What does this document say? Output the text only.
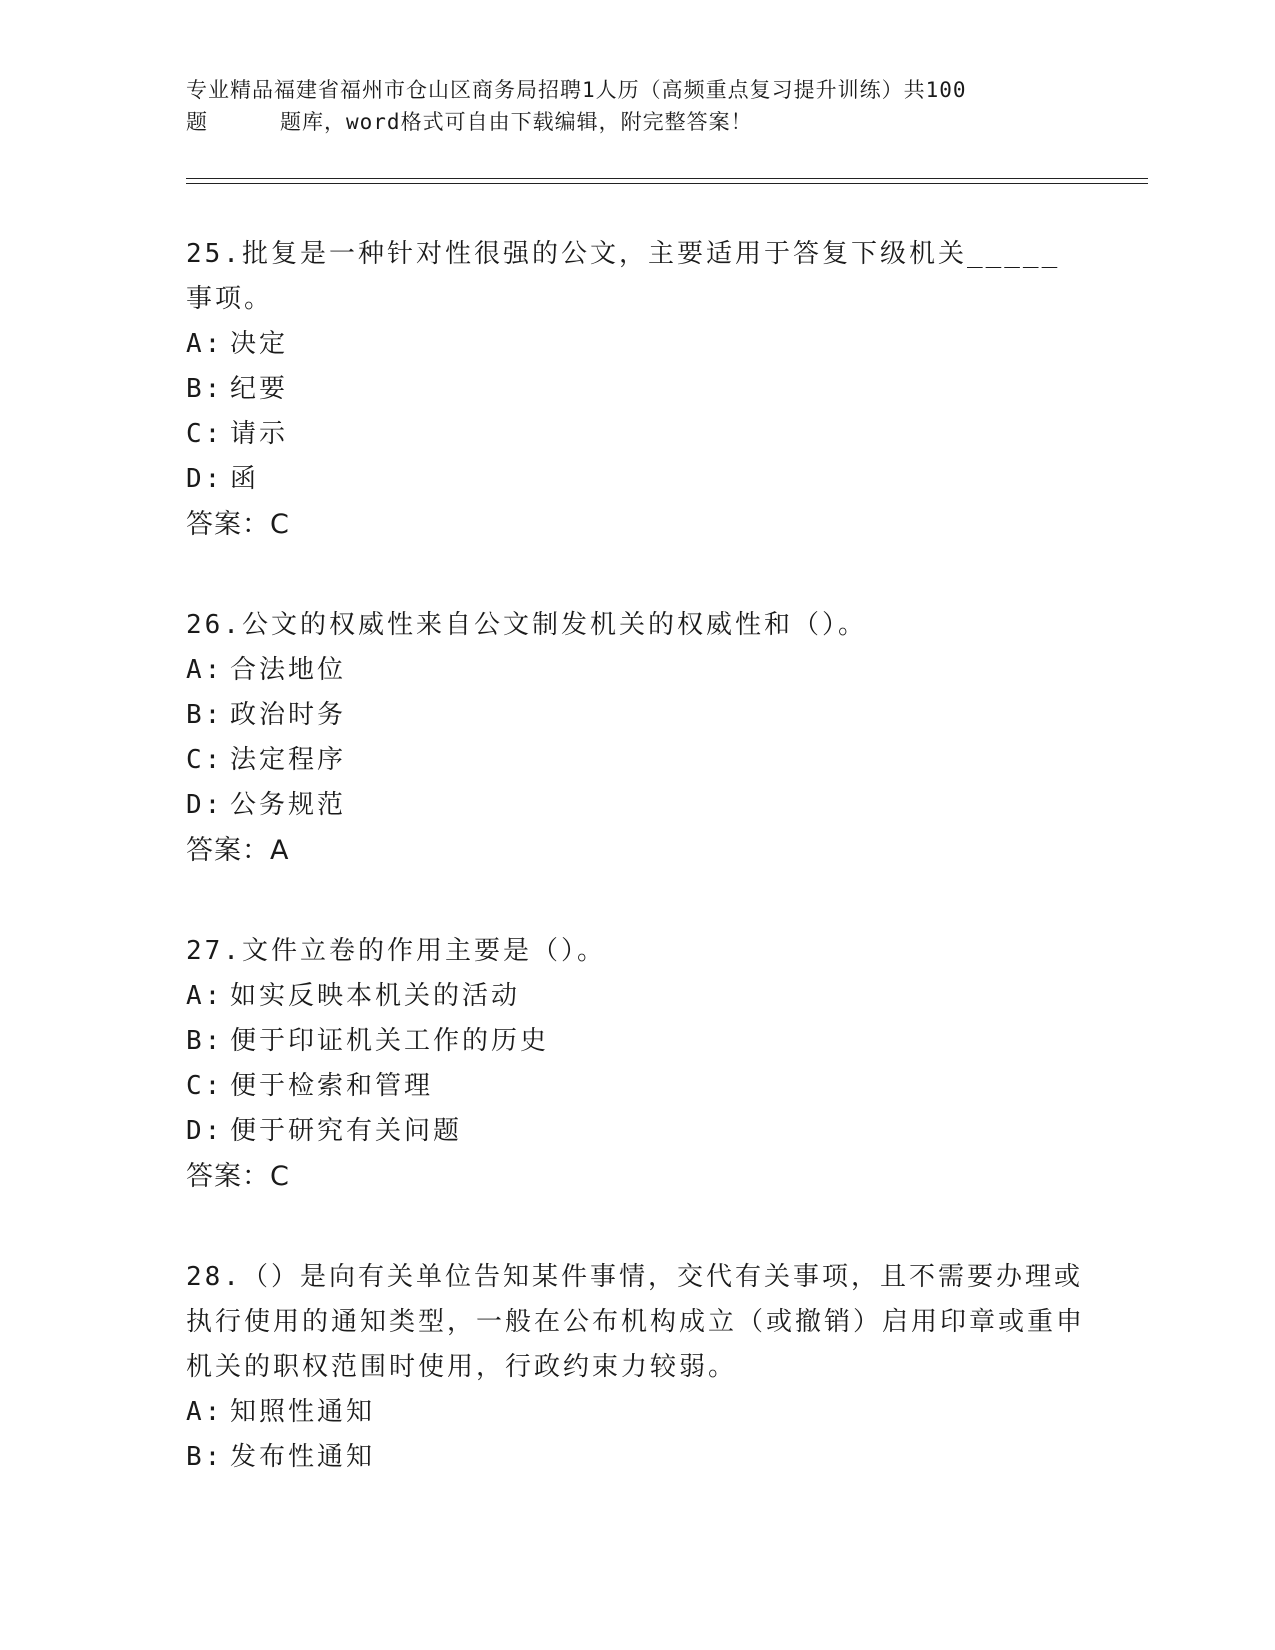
专业精品福建省福州市仓山区商务局招聘1人历（高频重点复习提升训练）共100
题	题库，word格式可自由下载编辑，附完整答案！

25.批复是一种针对性很强的公文，主要适用于答复下级机关_____事项。

A: 决定

B: 纪要

C: 请示

D: 函

答案：C

26.公文的权威性来自公文制发机关的权威性和（）。

A: 合法地位

B: 政治时务

C: 法定程序

D: 公务规范

答案：A

27.文件立卷的作用主要是（）。

A: 如实反映本机关的活动

B: 便于印证机关工作的历史

C: 便于检索和管理

D: 便于研究有关问题

答案：C

28.（）是向有关单位告知某件事情，交代有关事项，且不需要办理或执行使用的通知类型，一般在公布机构成立（或撤销）启用印章或重申机关的职权范围时使用，行政约束力较弱。

A: 知照性通知

B: 发布性通知
